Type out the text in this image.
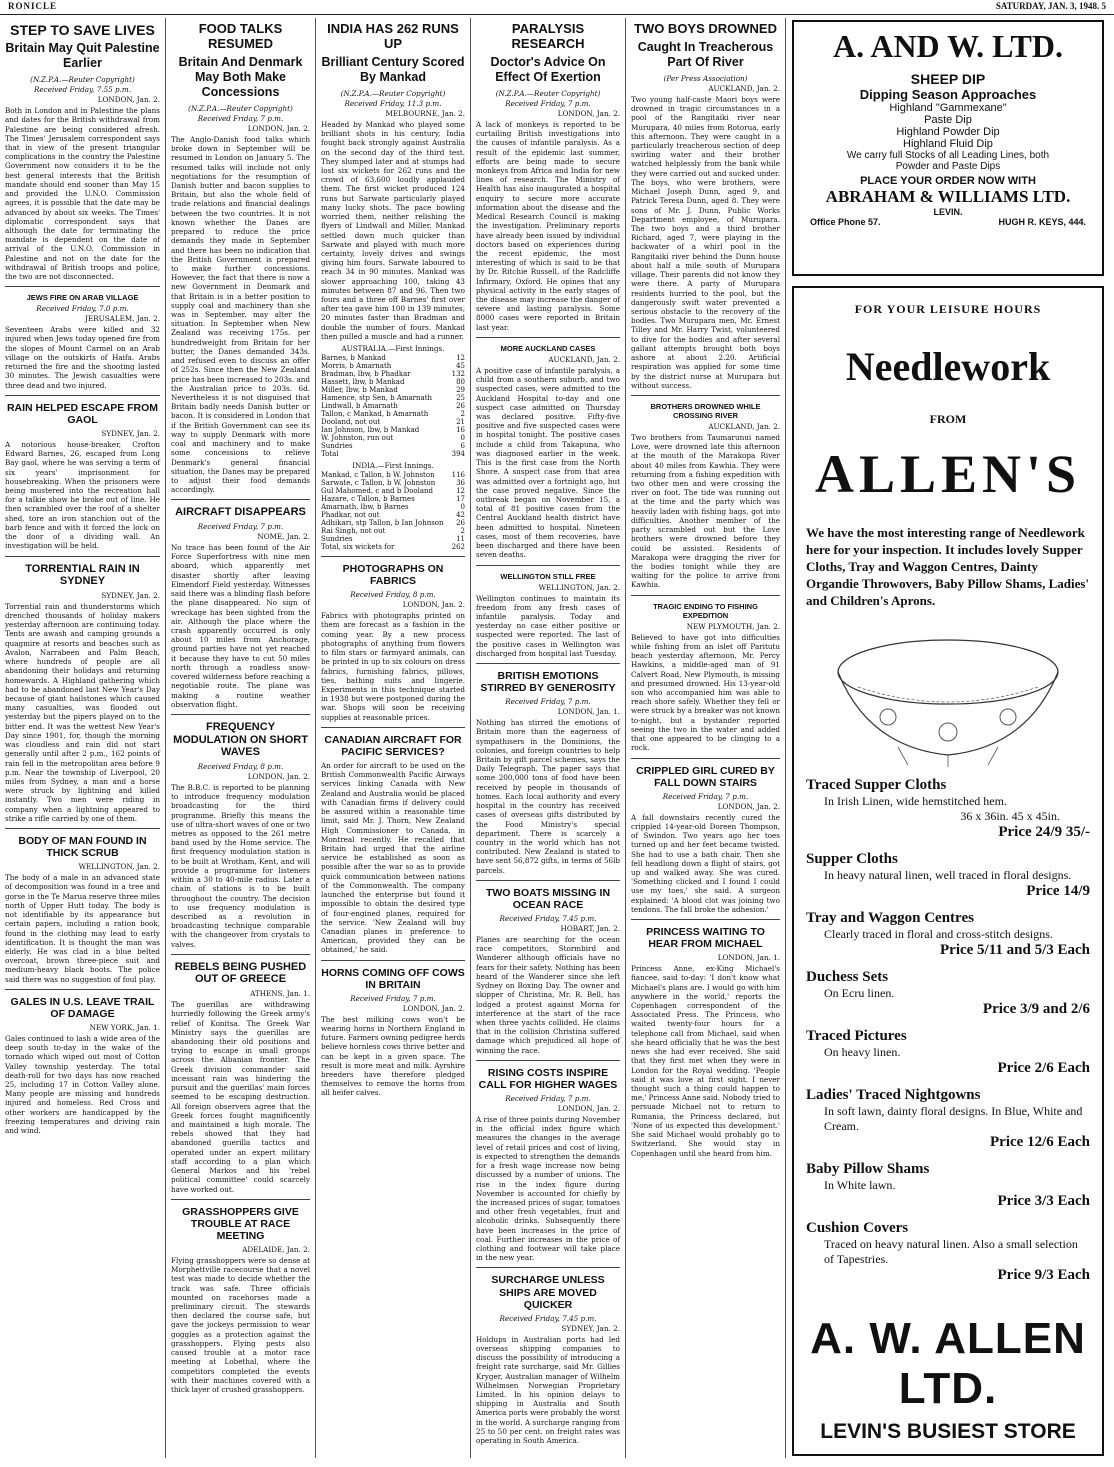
RONICLE	SATURDAY, JAN. 3, 1948. 5
STEP TO SAVE LIVES
Britain May Quit Palestine Earlier
(N.Z.P.A.—Reuter Copyright)
Received Friday, 7.55 p.m.
LONDON, Jan. 2.
Both in London and in Palestine the plans and dates for the British withdrawal from Palestine are being considered afresh. The Times' Jerusalem correspondent says that in view of the present triangular complications in the country the Palestine Government now considers it to be the best general interests that the British mandate should end sooner than May 15 and provided the U.N.O. Commission agrees, it is possible that the date may be advanced by about six weeks. The Times' diplomatic correspondent says that although the date for terminating the mandate is dependent on the date of arrival of the U.N.O. Commission in Palestine and not on the date for the withdrawal of British troops and police, the two are not disconnected.
JEWS FIRE ON ARAB VILLAGE
Received Friday, 7.0 p.m.
JERUSALEM, Jan. 2.
Seventeen Arabs were killed and 32 injured when Jews today opened fire from the slopes of Mount Carmel on an Arab village on the outskirts of Haifa. Arabs returned the fire and the shooting lasted 30 minutes. The Jewish casualties were three dead and two injured.
RAIN HELPED ESCAPE FROM GAOL
SYDNEY, Jan. 2.
A notorious house-breaker, Crofton Edward Barnes, 26, escaped from Long Bay gaol, where he was serving a term of six years' imprisonment for housebreaking. When the prisoners were being mustered into the recreation hall for a talkie show he broke out of line. He then scrambled over the roof of a shelter shed, tore an iron stanchion out of the barb fence and with it forced the lock on the door of a dividing wall. An investigation will be held.
TORRENTIAL RAIN IN SYDNEY
SYDNEY, Jan. 2.
Torrential rain and thunderstorms which drenched thousands of holiday makers yesterday afternoon are continuing today. Tents are awash and camping grounds a quagmire at resorts and beaches such as Avalon, Narrabeen and Palm Beach, where hundreds of people are all abandoning their holidays and returning homewards. A Highland gathering which had to be abandoned last New Year's Day because of giant hailstones which caused many casualties, was flooded out yesterday but the pipers played on to the bitter end. It was the wettest New Year's Day since 1901, for, though the morning was cloudless and rain did not start generally until after 2 p.m., 162 points of rain fell in the metropolitan area before 9 p.m. Near the township of Liverpool, 20 miles from Sydney, a man and a horse were struck by lightning and killed instantly. Two men were riding in company when a lightning appeared to strike a rifle carried by one of them.
BODY OF MAN FOUND IN THICK SCRUB
WELLINGTON, Jan. 2.
The body of a male in an advanced state of decomposition was found in a tree and gorse in the Te Marua reserve three miles north of Upper Hutt today. The body is not identifiable by its appearance but certain papers, including a ration book, found in the clothing may lead to early identification. It is thought the man was elderly. He was clad in a blue belted overcoat, brown three-piece suit and medium-heavy black boots. The police said there was no suggestion of foul play.
GALES IN U.S. LEAVE TRAIL OF DAMAGE
NEW YORK, Jan. 1.
Gales continued to lash a wide area of the deep south to-day in the wake of the tornado which wiped out most of Cotton Valley township yesterday. The total death-roll for two days has now reached 25, including 17 in Cotton Valley alone. Many people are missing and hundreds injured and homeless. Red Cross and other workers are handicapped by the freezing temperatures and driving rain and wind.
FOOD TALKS RESUMED
Britain And Denmark May Both Make Concessions
(N.Z.P.A.—Reuter Copyright)
Received Friday, 7 p.m.
LONDON, Jan. 2.
The Anglo-Danish food talks which broke down in September will be resumed in London on January 5. The resumed talks will include not only negotiations for the resumption of Danish butter and bacon supplies to Britain, but also the whole field of trade relations and financial dealings between the two countries. It is not known whether the Danes are prepared to reduce the price demands they made in September and there has been no indication that the British Government is prepared to make further concessions. However, the fact that there is now a new Government in Denmark and that Britain is in a better position to supply coal and machinery than she was in September, may alter the situation. In September when New Zealand was receiving 175s. per hundredweight from Britain for her butter, the Danes demanded 343s. and refused even to discuss an offer of 252s. Since then the New Zealand price has been increased to 203s. and the Australian price to 203s. 6d. Nevertheless it is not disguised that Britain badly needs Danish butter or bacon. It is considered in London that if the British Government can see its way to supply Denmark with more coal and machinery and to make some concessions to relieve Denmark's general financial situation, the Danes may be prepared to adjust their food demands accordingly.
AIRCRAFT DISAPPEARS
Received Friday, 7 p.m.
NOME, Jan. 2.
No trace has been found of the Air Force Superfortress with nine men aboard, which apparently met disaster shortly after leaving Elmendorf Field yesterday. Witnesses said there was a blinding flash before the plane disappeared. No sign of wreckage has been sighted from the air. Although the place where the crash apparently occurred is only about 10 miles from Anchorage, ground parties have not yet reached it because they have to cut 50 miles north through a roadless snow-covered wilderness before reaching a negotiable route. The plane was making a routine weather observation flight.
FREQUENCY MODULATION ON SHORT WAVES
Received Friday, 8 p.m.
LONDON, Jan. 2.
The B.B.C. is reported to be planning to introduce frequency modulation broadcasting for the third programme. Briefly this means the use of ultra-short waves of one or two metres as opposed to the 261 metre band used by the Home service. The first frequency modulation station is to be built at Wrotham, Kent, and will provide a programme for listeners within a 30 to 40-mile radius. Later a chain of stations is to be built throughout the country. The decision to use frequency modulation is described as a revolution in broadcasting technique comparable with the changeover from crystals to valves.
REBELS BEING PUSHED OUT OF GREECE
ATHENS, Jan. 1.
The guerillas are withdrawing hurriedly following the Greek army's relief of Konitsa. The Greek War Ministry says the guerillas are abandoning their old positions and trying to escape in small groups across the Albanian frontier. The Greek division commander said incessant rain was hindering the pursuit and the guerillas' main forces seemed to be escaping destruction. All foreign observers agree that the Greek forces fought magnificently and maintained a high morale. The rebels showed that they had abandoned guerilla tactics and operated under an expert military staff according to a plan which General Markos and his 'rebel political committee' could scarcely have worked out.
GRASSHOPPERS GIVE TROUBLE AT RACE MEETING
ADELAIDE, Jan. 2.
Flying grasshoppers were so dense at Morphettville racecourse that a novel test was made to decide whether the track was safe. Three officials mounted on racehorses made a preliminary circuit. The stewards then declared the course safe, but gave the jockeys permission to wear goggles as a protection against the grasshoppers. Flying pests also caused trouble at a motor race meeting at Lobethal, where the competitors completed the events with their machines covered with a thick layer of crushed grasshoppers.
INDIA HAS 262 RUNS UP
Brilliant Century Scored By Mankad
(N.Z.P.A.—Reuter Copyright)
Received Friday, 11.3 p.m.
MELBOURNE, Jan. 2.
Headed by Mankad who played some brilliant shots in his century, India fought back strongly against Australia on the second day of the third test. They slumped later and at stumps had lost six wickets for 262 runs and the crowd of 63,600 loudly applauded them. The first wicket produced 124 runs but Sarwate particularly played many lucky shots. The pace bowling worried them, neither relishing the flyers of Lindwall and Miller. Mankad settled down much quicker than Sarwate and played with much more certainty, lovely drives and swings giving him fours. Sarwate laboured to reach 34 in 90 minutes. Mankad was slower approaching 100, taking 43 minutes between 87 and 96. Then two fours and a three off Barnes' first over after tea gave him 100 in 139 minutes, 20 minutes faster than Bradman and double the number of fours. Mankad then pulled a muscle and had a runner.
AUSTRALIA.—First Innings.
Barnes, b Mankad	12
Morris, b Amarnath	45
Bradman, lbw, b Phadkar	132
Hassett, lbw, b Mankad	80
Miller, lbw, b Mankad	29
Hamence, stp Sen, b Amarnath	25
Lindwall, b Amarnath	26
Tallon, c Mankad, b Amarnath	2
Dooland, not out	21
Ian Johnson, lbw, b Mankad	16
W. Johnston, run out	0
Sundries	6
Total	394
INDIA.—First Innings.
Mankad, c Tallon, b W. Johnston	116
Sarwate, c Tallon, b W. Johnston	36
Gul Mahomed, c and b Dooland	12
Hazare, c Tallon, b Barnes	17
Amarnath, lbw, b Barnes	0
Phadkar, not out	42
Adhikari, stp Tallon, b Ian Johnson	26
Rai Singh, not out	2
Sundries	11
Total, six wickets for	262
PHOTOGRAPHS ON FABRICS
Received Friday, 8 p.m.
LONDON, Jan. 2.
Fabrics with photographs printed on them are forecast as a fashion in the coming year. By a new process photographs of anything from flowers to film stars or farmyard animals, can be printed in up to six colours on dress fabrics, furnishing fabrics, pillows, ties, bathing suits and lingerie. Experiments in this technique started in 1938 but were postponed during the war. Shops will soon be receiving supplies at reasonable prices.
CANADIAN AIRCRAFT FOR PACIFIC SERVICES?
An order for aircraft to be used on the British Commonwealth Pacific Airways services linking Canada with New Zealand and Australia would be placed with Canadian firms if delivery could be assured within a reasonable time limit, said Mr. J. Thorn, New Zealand High Commissioner to Canada, in Montreal recently. He recalled that Britain had urged that the airline service be established as soon as possible after the war so as to provide quick communication between nations of the Commonwealth. The company launched the enterprise but found it impossible to obtain the desired type of four-engined planes, required for the service. 'New Zealand will buy Canadian planes in preference to American, provided they can be obtained,' he said.
HORNS COMING OFF COWS IN BRITAIN
Received Friday, 7 p.m.
LONDON, Jan. 2.
The best milking cows won't be wearing horns in Northern England in future. Farmers owning pedigree herds believe hornless cows thrive better and can be kept in a given space. The result is more meat and milk. Ayrshire breeders have therefore pledged themselves to remove the horns from all heifer calves.
PARALYSIS RESEARCH
Doctor's Advice On Effect Of Exertion
(N.Z.P.A.—Reuter Copyright)
Received Friday, 7 p.m.
LONDON, Jan. 2.
A lack of monkeys is reported to be curtailing British investigations into the causes of infantile paralysis. As a result of the epidemic last summer, efforts are being made to secure monkeys from Africa and India for new lines of research. The Ministry of Health has also inaugurated a hospital enquiry to secure more accurate information about the disease and the Medical Research Council is making the investigation. Preliminary reports have already been issued by individual doctors based on experiences during the recent epidemic, the most interesting of which is said to be that by Dr. Ritchie Russell, of the Radcliffe Infirmary, Oxford. He opines that any physical activity in the early stages of the disease may increase the danger of severe and lasting paralysis. Some 8000 cases were reported in Britain last year.
MORE AUCKLAND CASES
AUCKLAND, Jan. 2.
A positive case of infantile paralysis, a child from a southern suburb, and two suspected cases, were admitted to the Auckland Hospital to-day and one suspect case admitted on Thursday was declared positive. Fifty-five positive and five suspected cases were in hospital tonight. The positive cases include a child from Takapuna, who was diagnosed earlier in the week. This is the first case from the North Shore. A suspect case from that area was admitted over a fortnight ago, but the case proved negative. Since the outbreak began on November 15, a total of 81 positive cases from the Central Auckland health district have been admitted to hospital. Nineteen cases, most of them recoveries, have been discharged and there have been seven deaths.
WELLINGTON STILL FREE
WELLINGTON, Jan. 2.
Wellington continues to maintain its freedom from any fresh cases of infantile paralysis. Today and yesterday no case either positive or suspected were reported. The last of the positive cases in Wellington was discharged from hospital last Tuesday.
BRITISH EMOTIONS STIRRED BY GENEROSITY
Received Friday, 7 p.m.
LONDON, Jan. 1.
Nothing has stirred the emotions of Britain more than the eagerness of sympathisers in the Dominions, the colonies, and foreign countries to help Britain by gift parcel schemes, says the Daily Telegraph. The paper says that some 200,000 tons of food have been received by people in thousands of homes. Each local authority and every hospital in the country has received cases of overseas gifts distributed by the Food Ministry's special department. There is scarcely a country in the world which has not contributed. New Zealand is stated to have sent 56,872 gifts, in terms of 56lb parcels.
TWO BOATS MISSING IN OCEAN RACE
Received Friday, 7.45 p.m.
HOBART, Jan. 2.
Planes are searching for the ocean race competitors, Stormbird and Wanderer although officials have no fears for their safety. Nothing has been heard of the Wanderer since she left Sydney on Boxing Day. The owner and skipper of Christina, Mr. R. Bell, has lodged a protest against Morna for interference at the start of the race when three yachts collided. He claims that in the collision Christina suffered damage which prejudiced all hope of winning the race.
RISING COSTS INSPIRE CALL FOR HIGHER WAGES
Received Friday, 7 p.m.
LONDON, Jan. 2.
A rise of three points during November in the official index figure which measures the changes in the average level of retail prices and cost of living, is expected to strengthen the demands for a fresh wage increase now being discussed by a number of unions. The rise in the index figure during November is accounted for chiefly by the increased prices of sugar, tomatoes and other fresh vegetables, fruit and alcoholic drinks. Subsequently there have been increases in the price of coal. Further increases in the price of clothing and footwear will take place in the new year.
SURCHARGE UNLESS SHIPS ARE MOVED QUICKER
Received Friday, 7.45 p.m.
SYDNEY, Jan. 2.
Holdups in Australian ports had led overseas shipping companies to discuss the possibility of introducing a freight rate surcharge, said Mr. Gillies Kryger, Australian manager of Wilhelm Wilhelmsen Norwegian Proprietary Limited. In his opinion delays to shipping in Australia and South America ports were probably the worst in the world. A surcharge ranging from 25 to 50 per cent. on freight rates was operating in South America.
TWO BOYS DROWNED
Caught In Treacherous Part Of River
(Per Press Association)
AUCKLAND, Jan. 2.
Two young half-caste Maori boys were drowned in tragic circumstances in a pool of the Rangitaiki river near Murupara, 40 miles from Rotorua, early this afternoon. They were caught in a particularly treacherous section of deep swirling water and their brother watched helplessly from the bank while they were carried out and sucked under. The boys, who were brothers, were Michael Joseph Dunn, aged 9, and Patrick Teresa Dunn, aged 8. They were sons of Mr. J. Dunn, Public Works Department employee, of Murupara. The two boys and a third brother Richard, aged 7, were playing in the backwater of a whirl pool in the Rangitaiki river behind the Dunn house about half a mile south of Murupara village. Their parents did not know they were there. A party of Murupara residents hurried to the pool, but the dangerously swift water prevented a serious obstacle to the recovery of the bodies. Two Murupara men, Mr. Ernest Tilley and Mr. Harry Twist, volunteered to dive for the bodies and after several gallant attempts brought both boys ashore at about 2.20. Artificial respiration was applied for some time by the district nurse at Murupara but without success.
BROTHERS DROWNED WHILE CROSSING RIVER
AUCKLAND, Jan. 2.
Two brothers from Taumarunui named Love, were drowned late this afternoon at the mouth of the Marakopa River about 40 miles from Kawhia. They were returning from a fishing expedition with two other men and were crossing the river on foot. The tide was running out at the time and the party which was heavily laden with fishing bags, got into difficulties. Another member of the party scrambled out but the Love brothers were drowned before they could be assisted. Residents of Marakopa were dragging the river for the bodies tonight while they are waiting for the police to arrive from Kawhia.
TRAGIC ENDING TO FISHING EXPEDITION
NEW PLYMOUTH, Jan. 2.
Believed to have got into difficulties while fishing from an islet off Paritutu beach yesterday afternoon, Mr. Percy Hawkins, a middle-aged man of 91 Calvert Road, New Plymouth, is missing and presumed drowned. His 13-year-old son who accompanied him was able to reach shore safely. Whether they fell or were struck by a breaker was not known to-night, but a bystander reported seeing the two in the water and added that one appeared to be clinging to a rock.
CRIPPLED GIRL CURED BY FALL DOWN STAIRS
Received Friday, 7 p.m.
LONDON, Jan. 2.
A fall downstairs recently cured the crippled 14-year-old Doreen Thompson, of Swindon. Two years ago her toes turned up and her feet became twisted. She had to use a bath chair. Then she fell headlong down a flight of stairs, got up and walked away. She was cured. 'Something clicked and I found I could use my toes,' she said. A surgeon explained: 'A blood clot was joining two tendons. The fall broke the adhesion.'
PRINCESS WAITING TO HEAR FROM MICHAEL
LONDON, Jan. 1.
Princess Anne, ex-King Michael's fiancee, said to-day: 'I don't know what Michael's plans are. I would go with him anywhere in the world,' reports the Copenhagen correspondent of the Associated Press. The Princess, who waited twenty-four hours for a telephone call from Michael, said when she heard officially that he was the best news she had ever received. She said that they first met when they were in London for the Royal wedding. 'People said it was love at first sight. I never thought such a thing could happen to me,' Princess Anne said. Nobody tried to persuade Michael not to return to Rumania, the Princess declared, but 'None of us expected this development.' She said Michael would probably go to Switzerland. She would stay in Copenhagen until she heard from him.
A. AND W. LTD.
SHEEP DIP
Dipping Season Approaches
Highland "Gammexane"
Paste Dip
Highland Powder Dip
Highland Fluid Dip
We carry full Stocks of all Leading Lines, both
Powder and Paste Dips
PLACE YOUR ORDER NOW WITH
ABRAHAM & WILLIAMS LTD.
LEVIN.
Office Phone 57.	HUGH R. KEYS, 444.
FOR YOUR LEISURE HOURS
Needlework
FROM
ALLEN'S
We have the most interesting range of Needlework here for your inspection. It includes lovely Supper Cloths, Tray and Waggon Centres, Dainty Organdie Throwovers, Baby Pillow Shams, Ladies' and Children's Aprons.
Traced Supper Cloths
In Irish Linen, wide hemstitched hem.
36 x 36in. 45 x 45in.
Price 24/9 35/-
Supper Cloths
In heavy natural linen, well traced in floral designs.
Price 14/9
Tray and Waggon Centres
Clearly traced in floral and cross-stitch designs.
Price 5/11 and 5/3 Each
Duchess Sets
On Ecru linen.
Price 3/9 and 2/6
Traced Pictures
On heavy linen.
Price 2/6 Each
Ladies' Traced Nightgowns
In soft lawn, dainty floral designs. In Blue, White and Cream.
Price 12/6 Each
Baby Pillow Shams
In White lawn.
Price 3/3 Each
Cushion Covers
Traced on heavy natural linen. Also a small selection of Tapestries.
Price 9/3 Each
A. W. ALLEN LTD.
LEVIN'S BUSIEST STORE
